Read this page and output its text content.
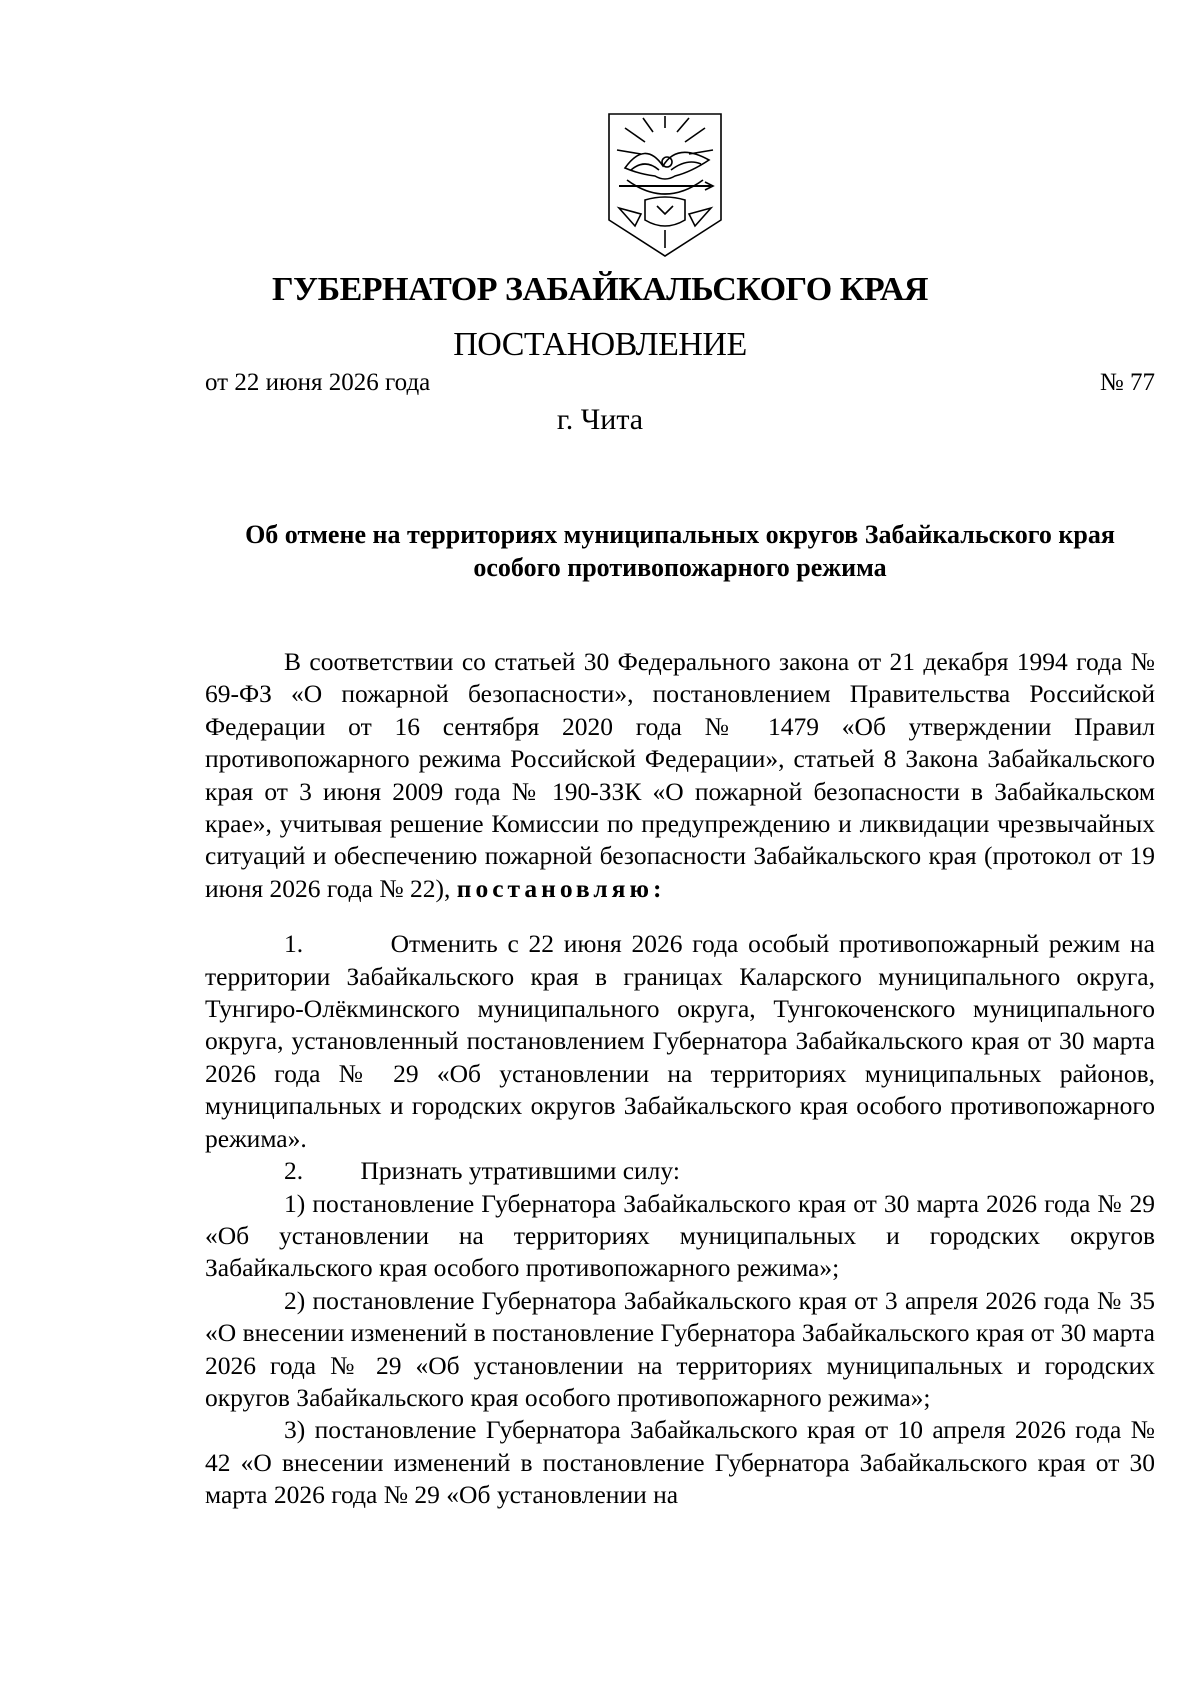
ГУБЕРНАТОР ЗАБАЙКАЛЬСКОГО КРАЯ
ПОСТАНОВЛЕНИЕ
от 22 июня 2026 года	№ 77
г. Чита
Об отмене на территориях муниципальных округов Забайкальского края особого противопожарного режима

В соответствии со статьей 30 Федерального закона от 21 декабря 1994 года № 69-ФЗ «О пожарной безопасности», постановлением Правительства Российской Федерации от 16 сентября 2020 года № 1479 «Об утверждении Правил противопожарного режима Российской Федерации», статьей 8 Закона Забайкальского края от 3 июня 2009 года № 190-ЗЗК «О пожарной безопасности в Забайкальском крае», учитывая решение Комиссии по предупреждению и ликвидации чрезвычайных ситуаций и обеспечению пожарной безопасности Забайкальского края (протокол от 19 июня 2026 года № 22), постановляю:

1.	Отменить с 22 июня 2026 года особый противопожарный режим на территории Забайкальского края в границах Каларского муниципального округа, Тунгиро-Олёкминского муниципального округа, Тунгокоченского муниципального округа, установленный постановлением Губернатора Забайкальского края от 30 марта 2026 года № 29 «Об установлении на территориях муниципальных районов, муниципальных и городских округов Забайкальского края особого противопожарного режима».

2. Признать утратившими силу:

1) постановление Губернатора Забайкальского края от 30 марта 2026 года № 29 «Об установлении на территориях муниципальных и городских округов Забайкальского края особого противопожарного режима»;

2) постановление Губернатора Забайкальского края от 3 апреля 2026 года № 35 «О внесении изменений в постановление Губернатора Забайкальского края от 30 марта 2026 года № 29 «Об установлении на территориях муниципальных и городских округов Забайкальского края особого противопожарного режима»;

3) постановление Губернатора Забайкальского края от 10 апреля 2026 года № 42 «О внесении изменений в постановление Губернатора Забайкальского края от 30 марта 2026 года № 29 «Об установлении на
